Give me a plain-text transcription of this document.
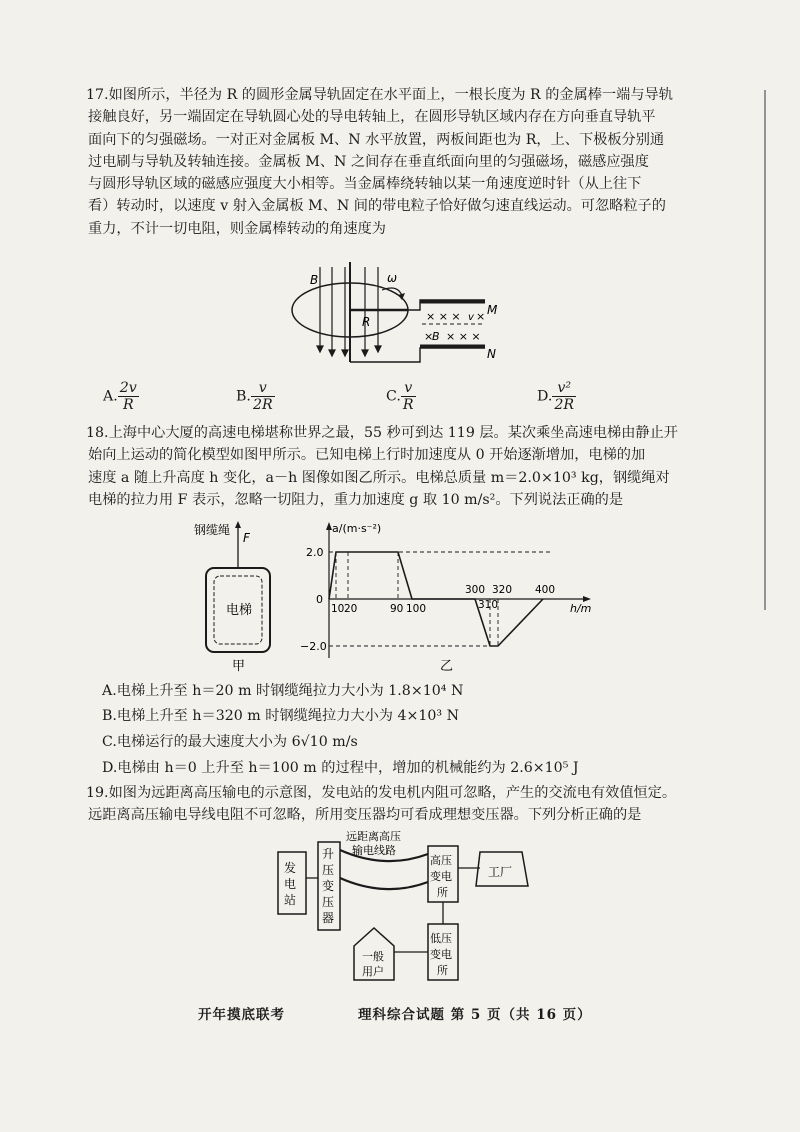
17.如图所示，半径为 R 的圆形金属导轨固定在水平面上，一根长度为 R 的金属棒一端与导轨

接触良好，另一端固定在导轨圆心处的导电转轴上，在圆形导轨区域内存在方向垂直导轨平

面向下的匀强磁场。一对正对金属板 M、N 水平放置，两板间距也为 R，上、下极板分别通

过电刷与导轨及转轴连接。金属板 M、N 之间存在垂直纸面向里的匀强磁场，磁感应强度

与圆形导轨区域的磁感应强度大小相等。当金属棒绕转轴以某一角速度逆时针（从上往下

看）转动时，以速度 v 射入金属板 M、N 间的带电粒子恰好做匀速直线运动。可忽略粒子的

重力，不计一切电阻，则金属棒转动的角速度为

B	ω
R
M
N
× × × v ×
×
B × × ×
A. $\frac{2v}{R}$	B. $\frac{v}{2R}$	C. $\frac{v}{R}$	D. $\frac{\text{v²}}{2R}$

18.上海中心大厦的高速电梯堪称世界之最，55 秒可到达 119 层。某次乘坐高速电梯由静止开

始向上运动的简化模型如图甲所示。已知电梯上行时加速度从 0 开始逐渐增加，电梯的加

速度 a 随上升高度 h 变化，a－h 图像如图乙所示。电梯总质量 m＝2.0×10³ kg，钢缆绳对

电梯的拉力用 F 表示，忽略一切阻力，重力加速度 g 取 10 m/s²。下列说法正确的是

钢缆绳
F
电梯
甲
a/(m·s⁻²)
h/m
2.0
0
−2.0
10 20	90 100
300 320
310
400
乙
A.电梯上升至 h＝20 m 时钢缆绳拉力大小为 1.8×10⁴ N
B.电梯上升至 h＝320 m 时钢缆绳拉力大小为 4×10³ N
C.电梯运行的最大速度大小为 6√10 m/s
D.电梯由 h＝0 上升至 h＝100 m 的过程中，增加的机械能约为 2.6×10⁵ J

19.如图为远距离高压输电的示意图，发电站的发电机内阻可忽略，产生的交流电有效值恒定。

远距离高压输电导线电阻不可忽略，所用变压器均可看成理想变压器。下列分析正确的是

发
电
站
升
压
变
压
器
远距离高压
输电线路
高压
变电
所
工厂
低压
变电
所
一般
用户
开年摸底联考	理科综合试题 第 5 页（共 16 页）
